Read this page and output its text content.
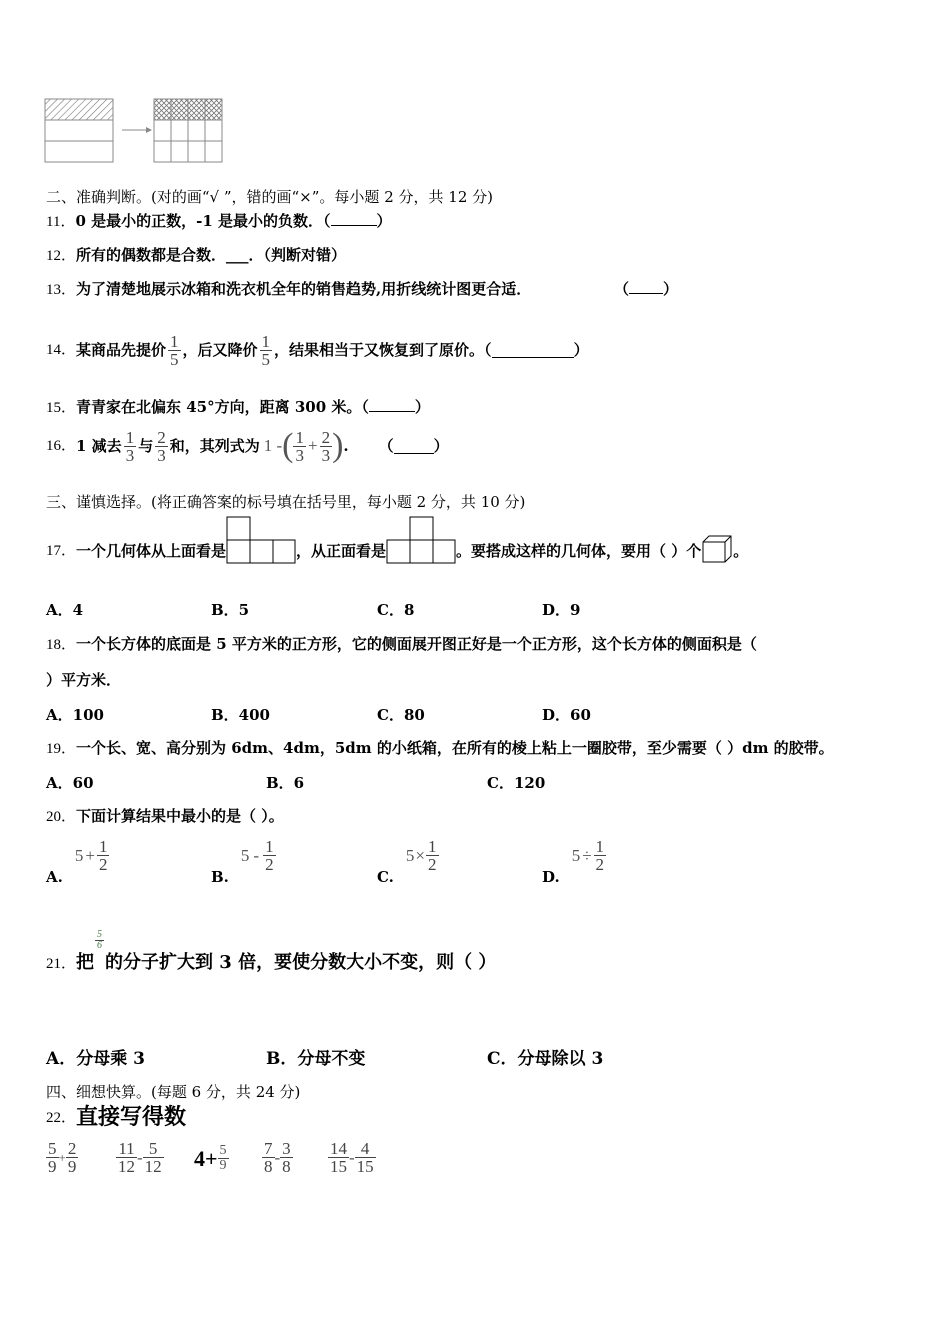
二、准确判断。(对的画“√ ”，错的画“×”。每小题 2 分，共 12 分)
11．0 是最小的正数，-1 是最小的负数．（	）
12．所有的偶数都是合数．___．（判断对错）
13．为了清楚地展示冰箱和洗衣机全年的销售趋势,用折线统计图更合适．	（ ）
14． 某商品先提价 $\frac{1}{5}$ ，后又降价 $\frac{1}{5}$ ，结果相当于又恢复到了原价。（	）
15．青青家在北偏东 45°方向，距离 300 米。（	）
16． 1 减去 $\frac{1}{3}$ 与 $\frac{2}{3}$ 和，其列式为 1 - ( $\frac{1}{3} + \frac{2}{3}$ ) . （	）
三、谨慎选择。(将正确答案的标号填在括号里，每小题 2 分，共 10 分)
17． 一个几何体从上面看是	，从正面看是	。要搭成这样的几何体，要用（ ）个 。
A．4	B．5	C．8	D．9
18．一个长方体的底面是 5 平方米的正方形，它的侧面展开图正好是一个正方形，这个长方体的侧面积是（
）平方米．
A．100	B．400	C．80	D．60
19．一个长、宽、高分别为 6dm、4dm，5dm 的小纸箱，在所有的棱上粘上一圈胶带，至少需要（ ）dm 的胶带。
A．60	B．6	C．120
20．下面计算结果中最小的是（ ）。
A.
$5 + \frac{1}{2}$
B.
$5 - \frac{1}{2}$
C.
$5 \times \frac{1}{2}$
D.
$5 \div \frac{1}{2}$
21． 把
$\frac{5}{6}$
的分子扩大到 3 倍，要使分数大小不变，则（ ）
A．分母乘 3	B．分母不变	C．分母除以 3
四、细想快算。(每题 6 分，共 24 分)
22． 直接写得数
$\frac{5}{9} + \frac{2}{9} \frac{11}{12} - \frac{5}{12} 4+ \frac{5}{9} \frac{7}{8} - \frac{3}{8} \frac{14}{15} - \frac{4}{15}$
